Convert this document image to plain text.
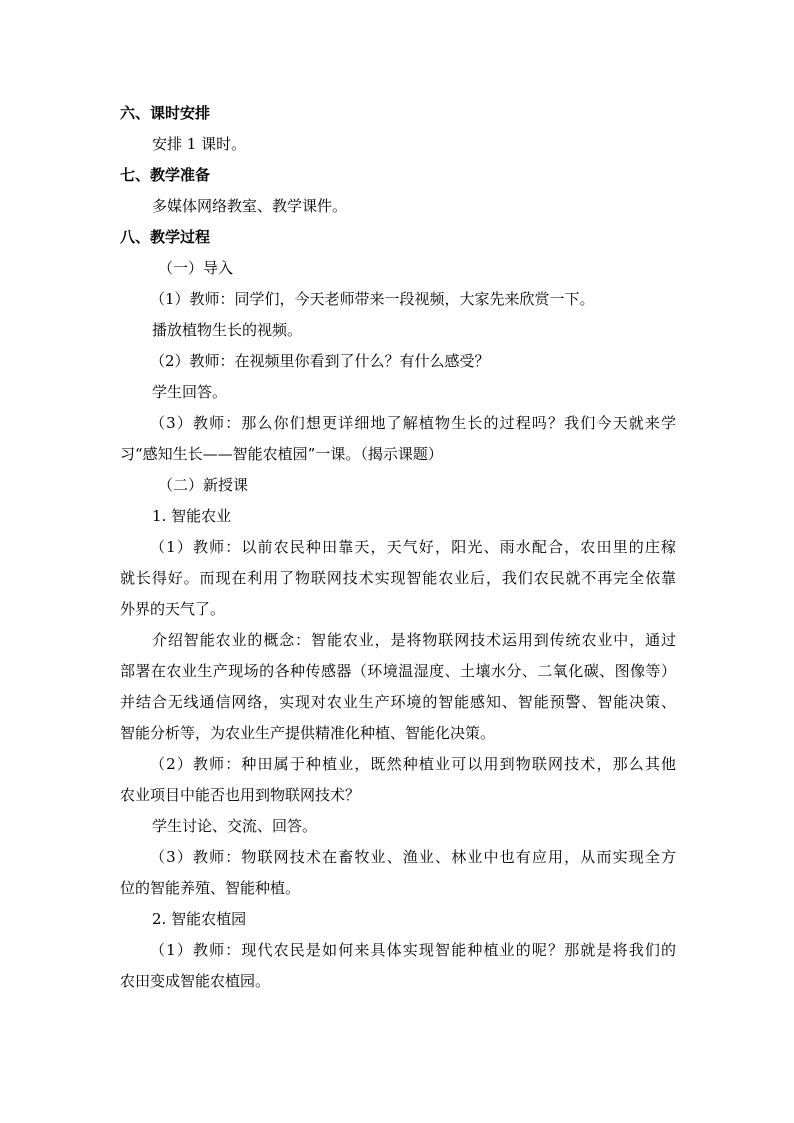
六、课时安排
安排 1 课时。
七、教学准备
多媒体网络教室、教学课件。
八、教学过程
（一）导入
（1）教师：同学们，今天老师带来一段视频，大家先来欣赏一下。
播放植物生长的视频。
（2）教师：在视频里你看到了什么？有什么感受？
学生回答。
（3）教师：那么你们想更详细地了解植物生长的过程吗？我们今天就来学
习“感知生长——智能农植园”一课。（揭示课题）
（二）新授课
1. 智能农业
（1）教师：以前农民种田靠天，天气好，阳光、雨水配合，农田里的庄稼
就长得好。而现在利用了物联网技术实现智能农业后，我们农民就不再完全依靠
外界的天气了。
介绍智能农业的概念：智能农业，是将物联网技术运用到传统农业中，通过
部署在农业生产现场的各种传感器（环境温湿度、土壤水分、二氧化碳、图像等）
并结合无线通信网络，实现对农业生产环境的智能感知、智能预警、智能决策、
智能分析等，为农业生产提供精准化种植、智能化决策。
（2）教师：种田属于种植业，既然种植业可以用到物联网技术，那么其他
农业项目中能否也用到物联网技术？
学生讨论、交流、回答。
（3）教师：物联网技术在畜牧业、渔业、林业中也有应用，从而实现全方
位的智能养殖、智能种植。
2. 智能农植园
（1）教师：现代农民是如何来具体实现智能种植业的呢？那就是将我们的
农田变成智能农植园。
